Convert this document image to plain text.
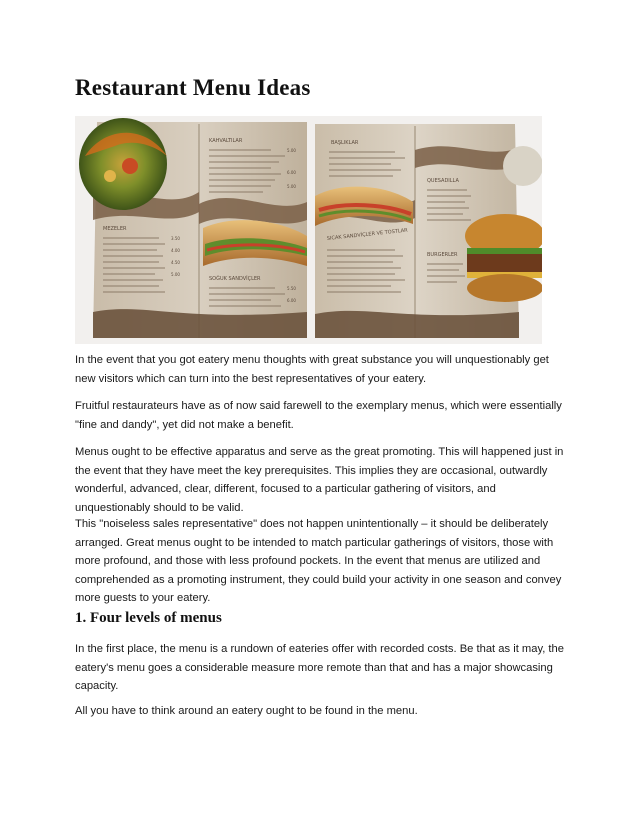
Restaurant Menu Ideas
KAHVALTILAR
MEZELER
SOĞUK SANDVİÇLER
5.00
6.00
5.00
3.50
4.00
4.50
5.00
5.50
6.00
BAŞLIKLAR
SICAK SANDVİÇLER VE TOSTLAR
QUESADILLA
BURGERLER

In the event that you got eatery menu thoughts with great substance you will unquestionably get new visitors which can turn into the best representatives of your eatery.

Fruitful restaurateurs have as of now said farewell to the exemplary menus, which were essentially "fine and dandy", yet did not make a benefit.

Menus ought to be effective apparatus and serve as the great promoting. This will happened just in the event that they have meet the key prerequisites. This implies they are occasional, outwardly wonderful, advanced, clear, different, focused to a particular gathering of visitors, and unquestionably should to be valid.

This "noiseless sales representative" does not happen unintentionally – it should be deliberately arranged. Great menus ought to be intended to match particular gatherings of visitors, those with more profound, and those with less profound pockets. In the event that menus are utilized and comprehended as a promoting instrument, they could build your activity in one season and convey more guests to your eatery.

1. Four levels of menus

In the first place, the menu is a rundown of eateries offer with recorded costs. Be that as it may, the eatery's menu goes a considerable measure more remote than that and has a major showcasing capacity.

All you have to think around an eatery ought to be found in the menu.
